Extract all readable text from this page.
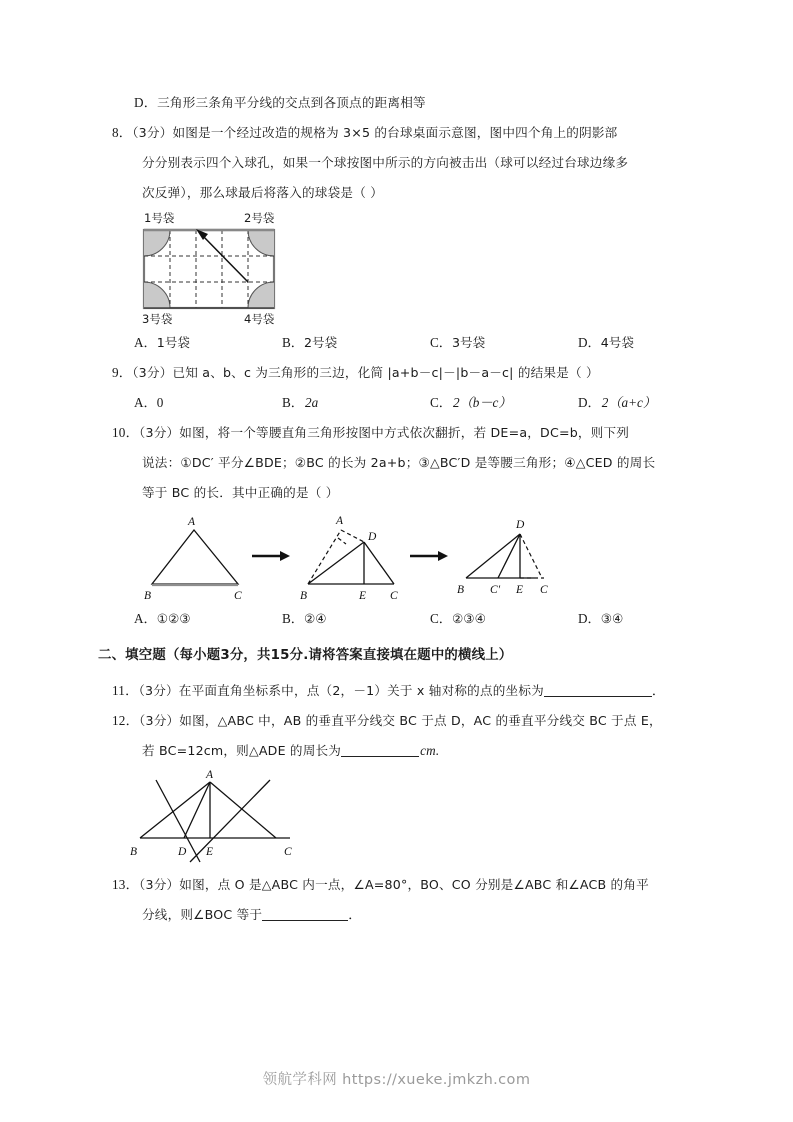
D．三角形三条角平分线的交点到各顶点的距离相等
8．（3分）如图是一个经过改造的规格为 3×5 的台球桌面示意图，图中四个角上的阴影部
分分别表示四个入球孔，如果一个球按图中所示的方向被击出（球可以经过台球边缘多
次反弹），那么球最后将落入的球袋是（ ）
1号袋	2号袋
3号袋	4号袋
A．1号袋	B．2号袋	C．3号袋	D．4号袋
9．（3分）已知 a、b、c 为三角形的三边，化简 |a+b－c|－|b－a－c| 的结果是（ ）
A．0	B．2a	C．2（b－c）	D．2（a+c）
10．（3分）如图，将一个等腰直角三角形按图中方式依次翻折，若 DE=a，DC=b，则下列
说法：①DC′ 平分∠BDE；②BC 的长为 2a+b；③△BC′D 是等腰三角形；④△CED 的周长
等于 BC 的长．其中正确的是（ ）
A
B	C
A
D
B	E C
D
B C′ E C
A．①②③	B．②④	C．②③④	D．③④
二、填空题（每小题3分，共15分.请将答案直接填在题中的横线上）
11．（3分）在平面直角坐标系中，点（2，－1）关于 x 轴对称的点的坐标为	．
12．（3分）如图，△ABC 中，AB 的垂直平分线交 BC 于点 D，AC 的垂直平分线交 BC 于点 E，
若 BC=12cm，则△ADE 的周长为	cm.
A
B	D E	C
13．（3分）如图，点 O 是△ABC 内一点，∠A=80°，BO、CO 分别是∠ABC 和∠ACB 的角平
分线，则∠BOC 等于	．
领航学科网 https://xueke.jmkzh.com
